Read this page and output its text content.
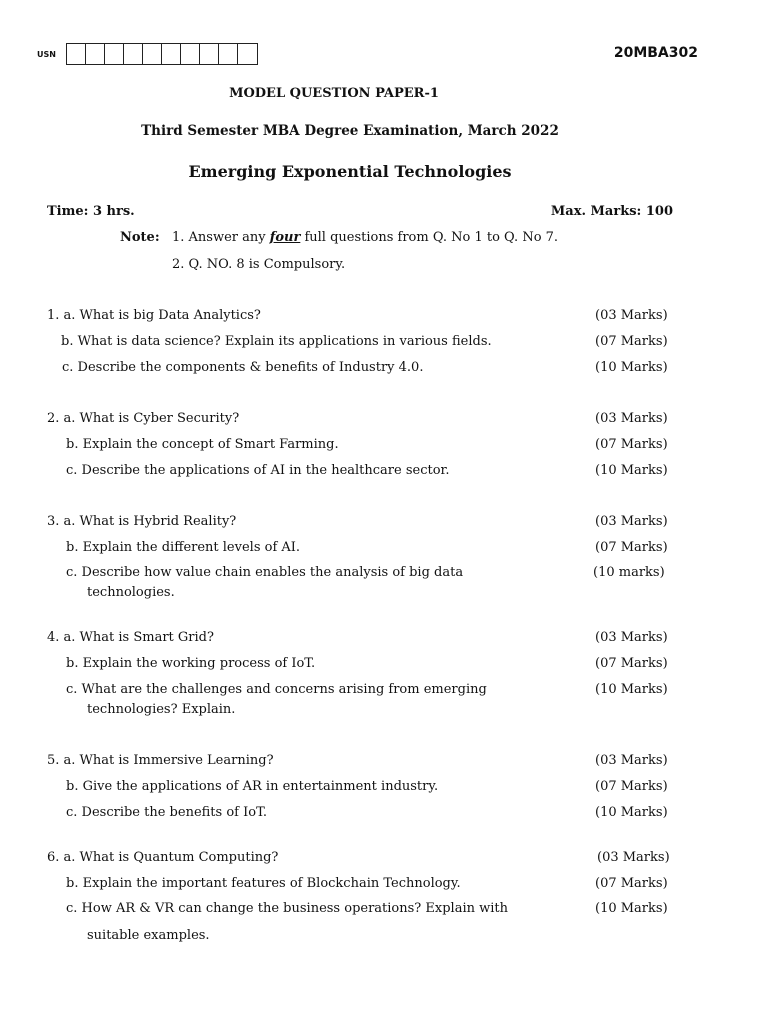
USN	20MBA302
MODEL QUESTION PAPER-1
Third Semester MBA Degree Examination, March 2022
Emerging Exponential Technologies
Time: 3 hrs.	Max. Marks: 100
Note: 1. Answer any four full questions from Q. No 1 to Q. No 7.
2. Q. NO. 8 is Compulsory.
1. a. What is big Data Analytics?	(03 Marks)
b. What is data science? Explain its applications in various fields.	(07 Marks)
c. Describe the components & benefits of Industry 4.0.	(10 Marks)
2. a. What is Cyber Security?	(03 Marks)
b. Explain the concept of Smart Farming.	(07 Marks)
c. Describe the applications of AI in the healthcare sector.	(10 Marks)
3. a. What is Hybrid Reality?	(03 Marks)
b. Explain the different levels of AI.	(07 Marks)
c. Describe how value chain enables the analysis of big data
technologies.
(10 marks)
4. a. What is Smart Grid?	(03 Marks)
b. Explain the working process of IoT.	(07 Marks)
c. What are the challenges and concerns arising from emerging
technologies? Explain.
(10 Marks)
5. a. What is Immersive Learning?	(03 Marks)
b. Give the applications of AR in entertainment industry.	(07 Marks)
c. Describe the benefits of IoT.	(10 Marks)
6. a. What is Quantum Computing?	(03 Marks)
b. Explain the important features of Blockchain Technology.	(07 Marks)
c. How AR & VR can change the business operations? Explain with
suitable examples.
(10 Marks)
